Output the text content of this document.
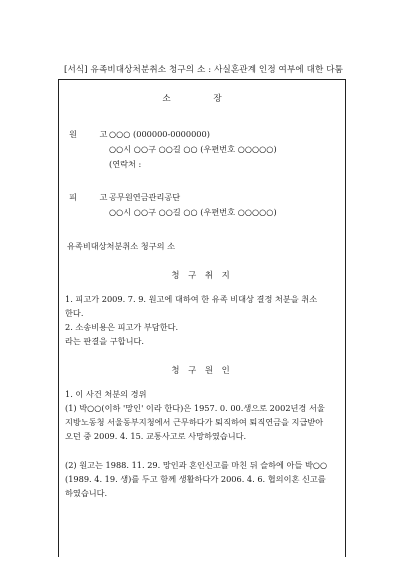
[서식] 유족비대상처분취소 청구의 소 : 사실혼관계 인정 여부에 대한 다툼
소 장
원 고
○○○ (000000-0000000)
○○시 ○○구 ○○길 ○○ (우편번호 ○○○○○)
(연락처 :
피 고
공무원연금관리공단
○○시 ○○구 ○○길 ○○ (우편번호 ○○○○○)
유족비대상처분취소 청구의 소
청 구 취 지
1. 피고가 2009. 7. 9. 원고에 대하여 한 유족 비대상 결정 처분을 취소
한다.
2. 소송비용은 피고가 부담한다.
라는 판결을 구합니다.
청 구 원 인
1. 이 사건 처분의 경위
(1) 박○○(이하 '망인' 이라 한다)은 1957. 0. 00.생으로 2002년경 서울
지방노동청 서울동부지청에서 근무하다가 퇴직하여 퇴직연금을 지급받아
오던 중 2009. 4. 15. 교통사고로 사망하였습니다.
(2) 원고는 1988. 11. 29. 망인과 혼인신고를 마친 뒤 슬하에 아들 박○○
(1989. 4. 19. 생)를 두고 함께 생활하다가 2006. 4. 6. 협의이혼 신고를
하였습니다.
